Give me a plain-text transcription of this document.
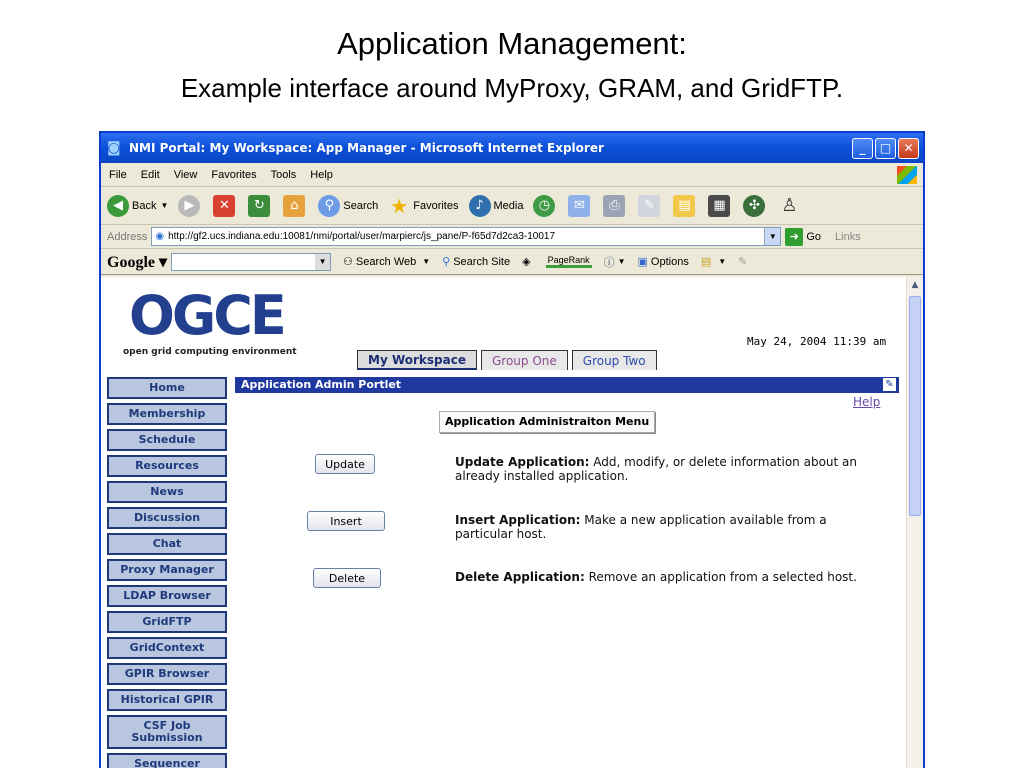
Application Management:
Example interface around MyProxy, GRAM, and GridFTP.
◙ NMI Portal: My Workspace: App Manager - Microsoft Internet Explorer	_	□	✕
File Edit View Favorites Tools Help
◀ Back ▼	▶	✕	↻	⌂	⚲ Search ★ Favorites	♪ Media	◷	✉	⎙	✎	▤	▦	✣	♙
Address ◉ http://gf2.ucs.indiana.edu:10081/nmi/portal/user/marpierc/js_pane/P-f65d7d2ca3-10017	▼	➜ Go Links
Google ▾	▼	⚇ Search Web ▼ ⚲ Search Site ◈ PageRank ⓘ ▼ ▣ Options ▤ ▼ ✎
OGCE
open grid computing environment
May 24, 2004 11:39 am
My Workspace	Group One	Group Two
Home
Membership
Schedule
Resources
News
Discussion
Chat
Proxy Manager
LDAP Browser
GridFTP
GridContext
GPIR Browser
Historical GPIR
CSF Job Submission
Sequencer
Application Admin Portlet	✎
Help
Application Administraiton Menu
Update	Update Application: Add, modify, or delete information about an already installed application.
Insert	Insert Application: Make a new application available from a particular host.
Delete	Delete Application: Remove an application from a selected host.
▲
